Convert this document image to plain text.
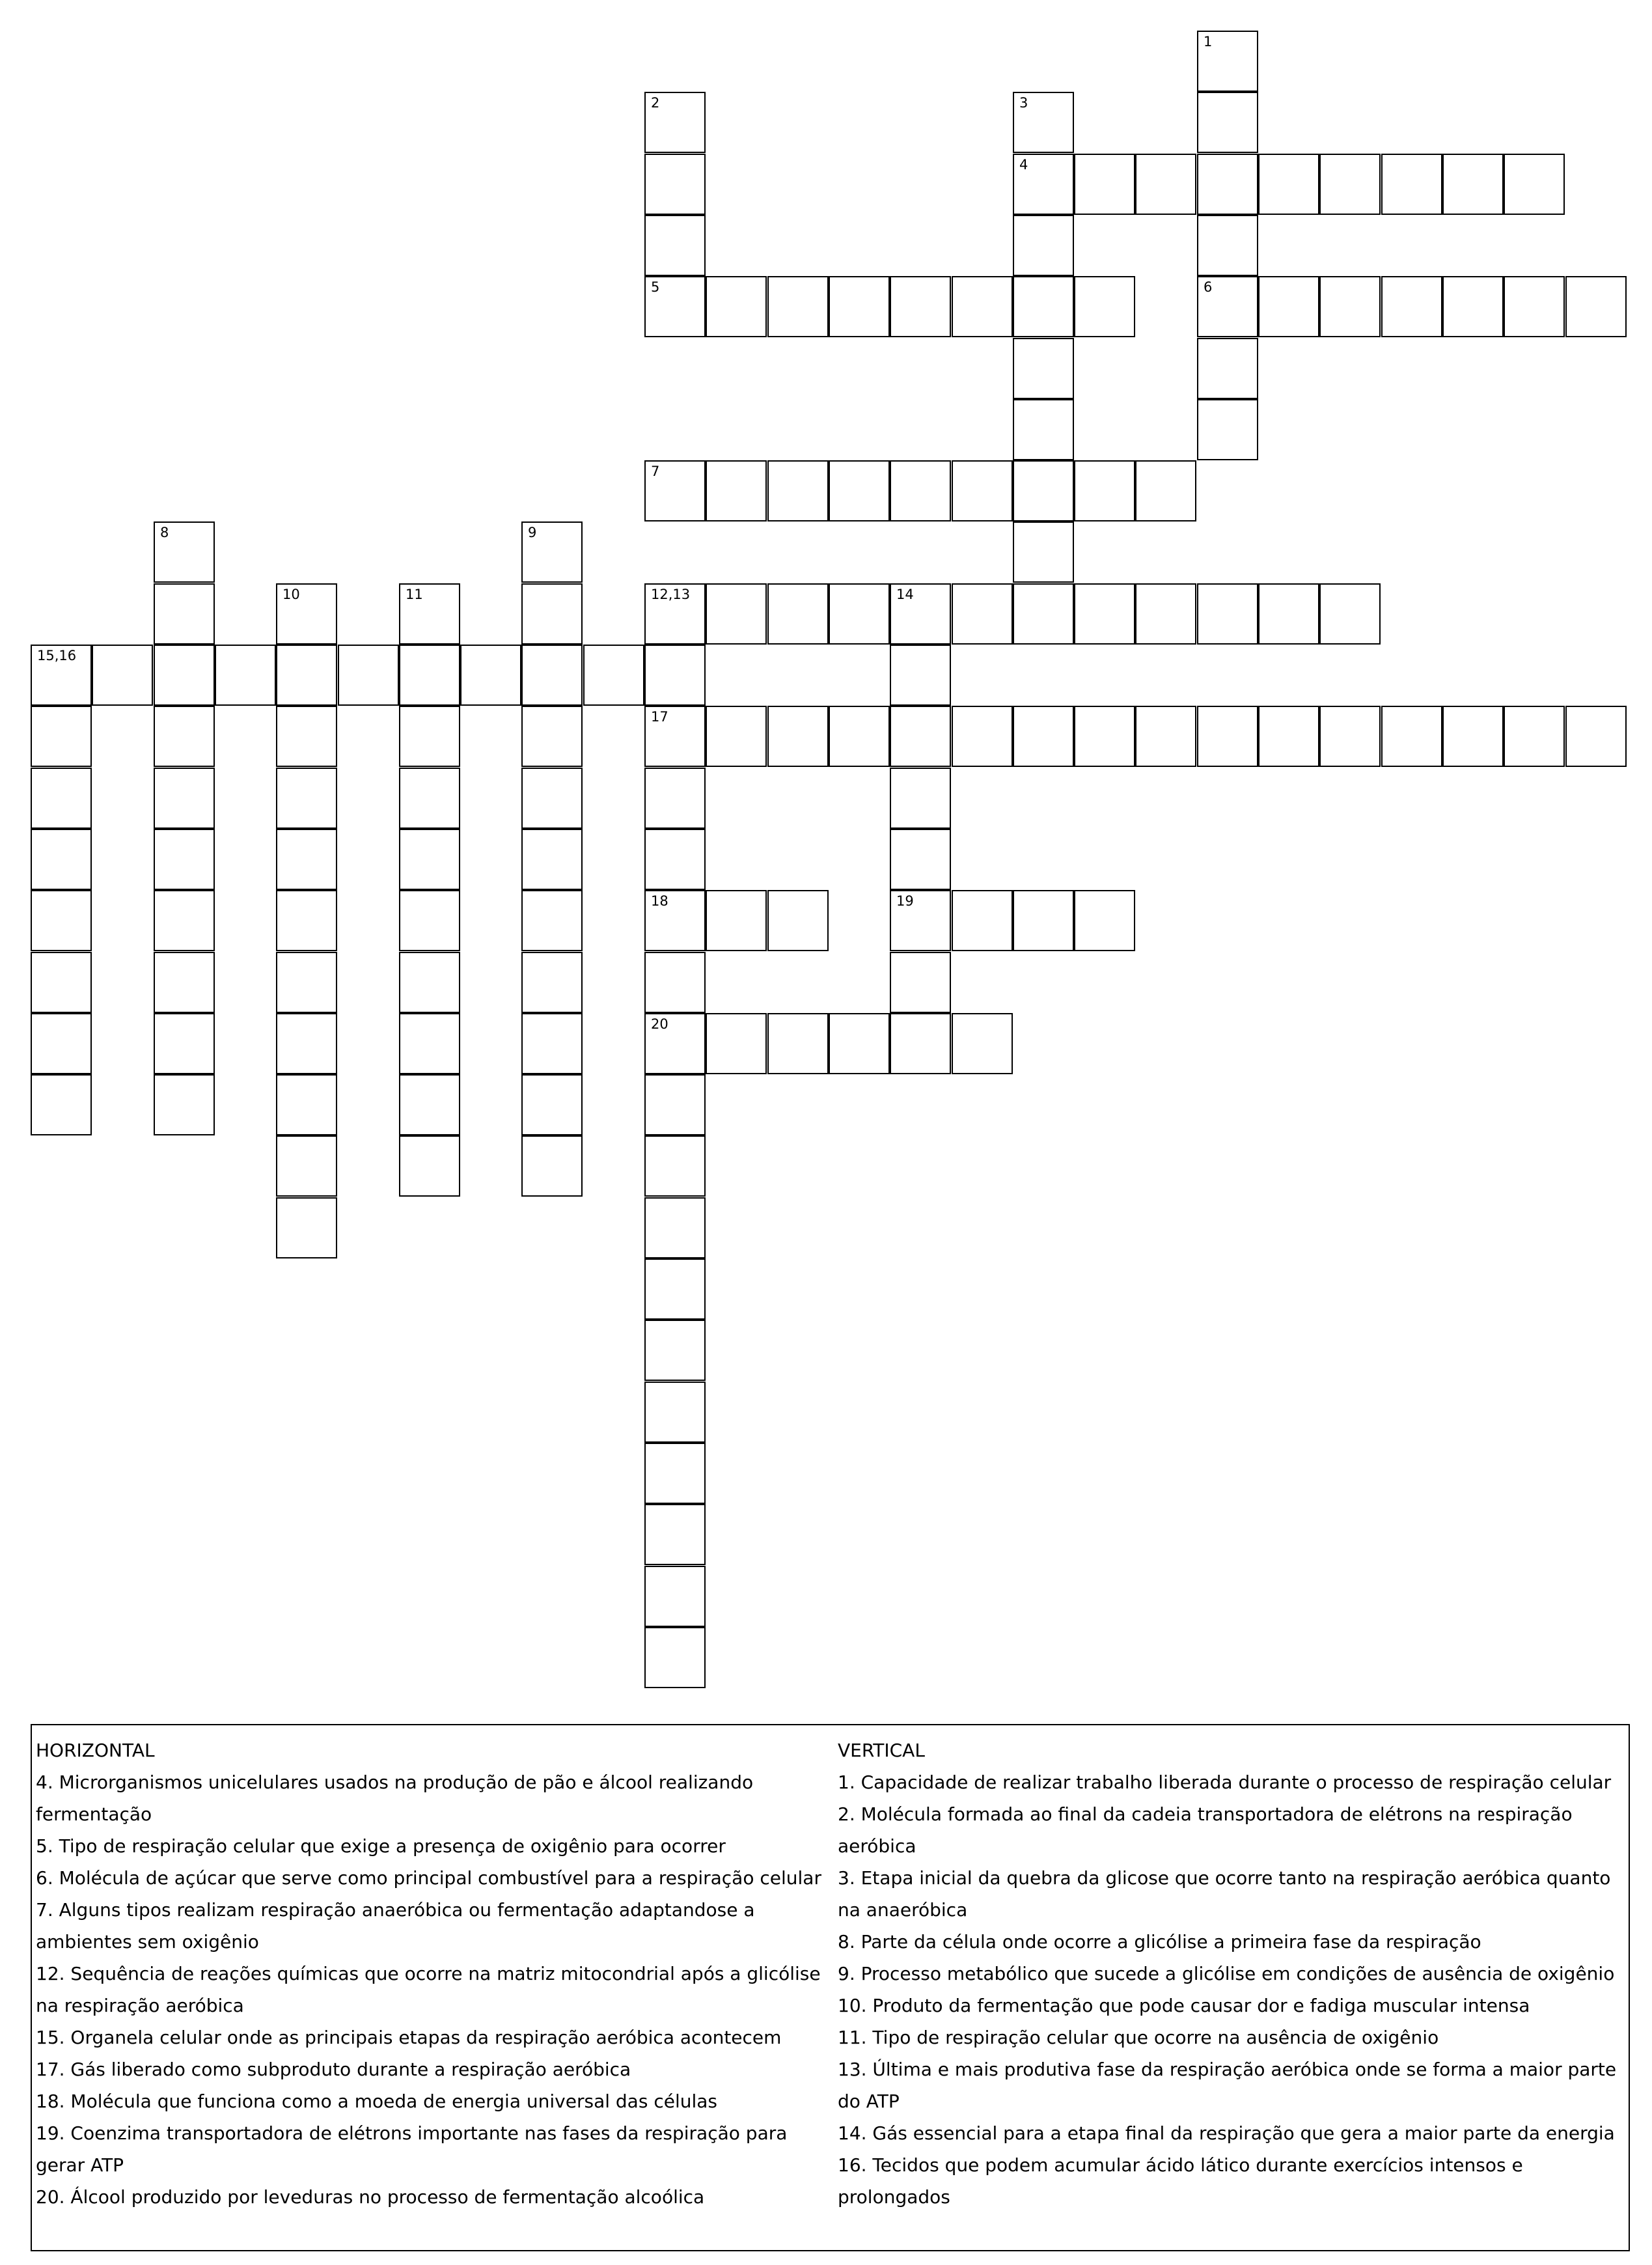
1
2	3
4
5	6
7
8	9
10	11	12,13	14
15,16
17
18	19
20

HORIZONTAL

4. Microrganismos unicelulares usados na produção de pão e álcool realizando fermentação

5. Tipo de respiração celular que exige a presença de oxigênio para ocorrer

6. Molécula de açúcar que serve como principal combustível para a respiração celular

7. Alguns tipos realizam respiração anaeróbica ou fermentação adaptandose a ambientes sem oxigênio

12. Sequência de reações químicas que ocorre na matriz mitocondrial após a glicólise na respiração aeróbica

15. Organela celular onde as principais etapas da respiração aeróbica acontecem

17. Gás liberado como subproduto durante a respiração aeróbica

18. Molécula que funciona como a moeda de energia universal das células

19. Coenzima transportadora de elétrons importante nas fases da respiração para gerar ATP

20. Álcool produzido por leveduras no processo de fermentação alcoólica

VERTICAL

1. Capacidade de realizar trabalho liberada durante o processo de respiração celular

2. Molécula formada ao final da cadeia transportadora de elétrons na respiração aeróbica

3. Etapa inicial da quebra da glicose que ocorre tanto na respiração aeróbica quanto na anaeróbica

8. Parte da célula onde ocorre a glicólise a primeira fase da respiração

9. Processo metabólico que sucede a glicólise em condições de ausência de oxigênio

10. Produto da fermentação que pode causar dor e fadiga muscular intensa

11. Tipo de respiração celular que ocorre na ausência de oxigênio

13. Última e mais produtiva fase da respiração aeróbica onde se forma a maior parte do ATP

14. Gás essencial para a etapa final da respiração que gera a maior parte da energia

16. Tecidos que podem acumular ácido lático durante exercícios intensos e prolongados
